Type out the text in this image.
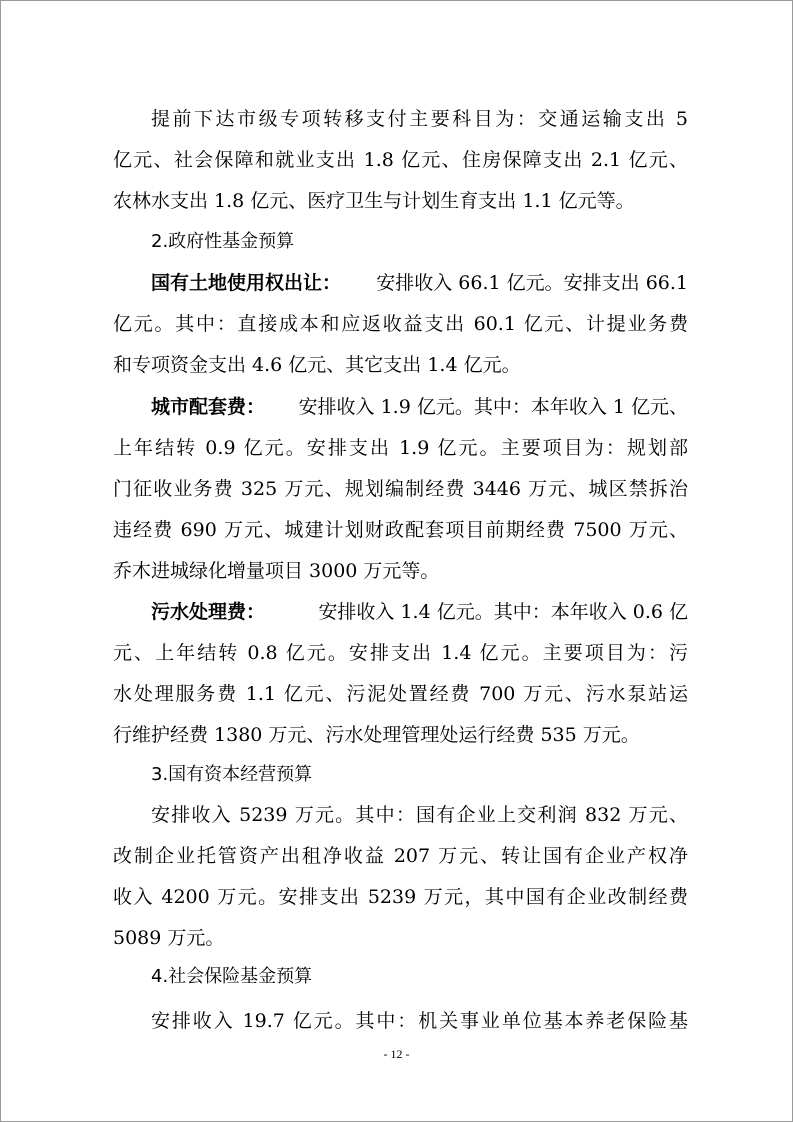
提前下达市级专项转移支付主要科目为：交通运输支出 5
亿元、社会保障和就业支出 1.8 亿元、住房保障支出 2.1 亿元、
农林水支出 1.8 亿元、医疗卫生与计划生育支出 1.1 亿元等。
2.政府性基金预算
国有土地使用权出让： 安排收入 66.1 亿元。安排支出 66.1
亿元。其中：直接成本和应返收益支出 60.1 亿元、计提业务费
和专项资金支出 4.6 亿元、其它支出 1.4 亿元。
城市配套费： 安排收入 1.9 亿元。其中：本年收入 1 亿元、
上年结转 0.9 亿元。安排支出 1.9 亿元。主要项目为：规划部
门征收业务费 325 万元、规划编制经费 3446 万元、城区禁拆治
违经费 690 万元、城建计划财政配套项目前期经费 7500 万元、
乔木进城绿化增量项目 3000 万元等。
污水处理费：	安排收入 1.4 亿元。其中：本年收入 0.6 亿
元、上年结转 0.8 亿元。安排支出 1.4 亿元。主要项目为：污
水处理服务费 1.1 亿元、污泥处置经费 700 万元、污水泵站运
行维护经费 1380 万元、污水处理管理处运行经费 535 万元。
3.国有资本经营预算
安排收入 5239 万元。其中：国有企业上交利润 832 万元、
改制企业托管资产出租净收益 207 万元、转让国有企业产权净
收入 4200 万元。安排支出 5239 万元，其中国有企业改制经费
5089 万元。
4.社会保险基金预算
安排收入 19.7 亿元。其中：机关事业单位基本养老保险基
- 12 -
